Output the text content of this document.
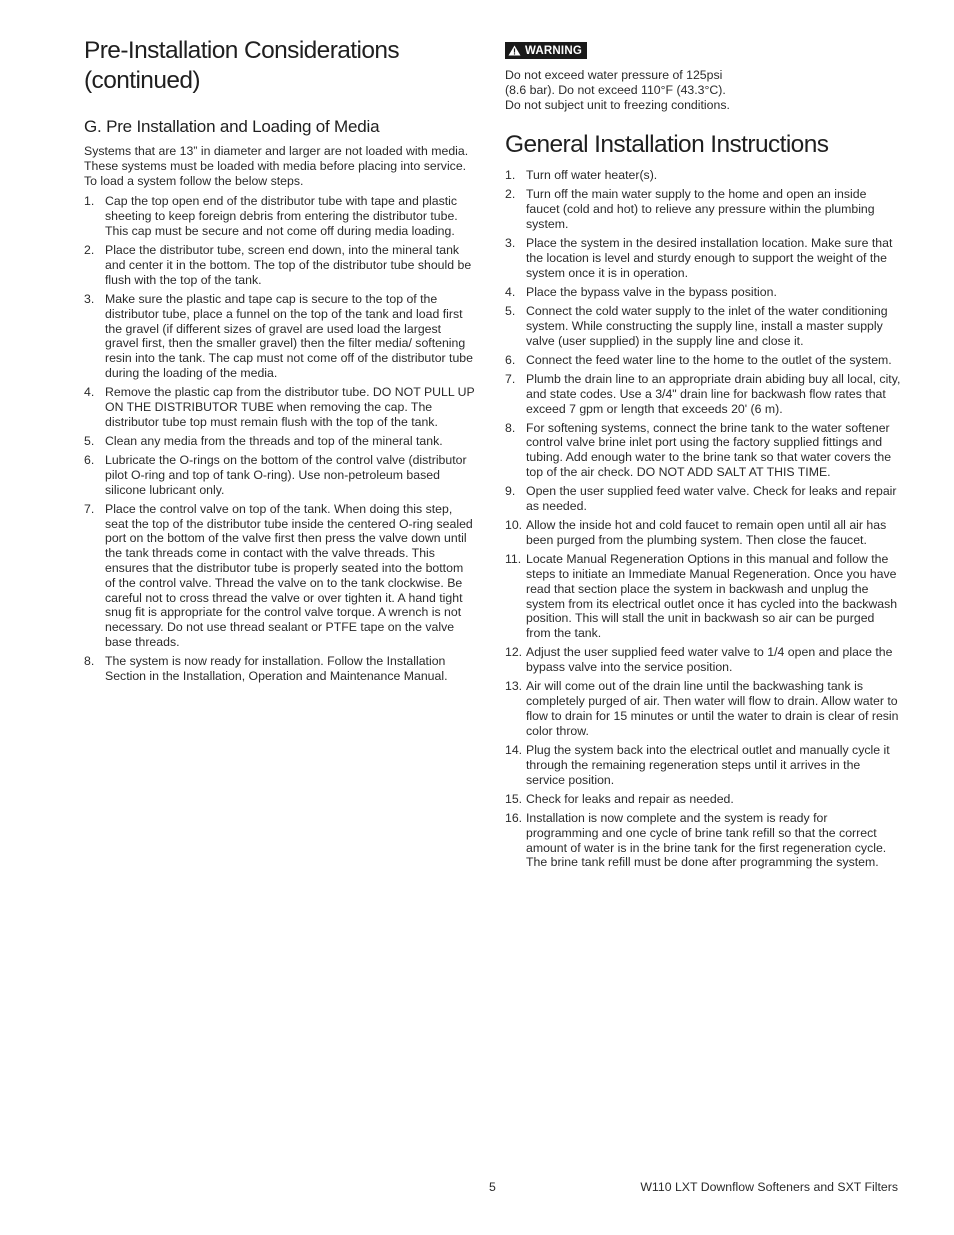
Pre-Installation Considerations
(continued)
G. Pre Installation and Loading of Media

Systems that are 13” in diameter and larger are not loaded with media. These systems must be loaded with media before placing into service. To load a system follow the below steps.

1. Cap the top open end of the distributor tube with tape and plastic sheeting to keep foreign debris from entering the distributor tube. This cap must be secure and not come off during media loading.
2. Place the distributor tube, screen end down, into the mineral tank and center it in the bottom. The top of the distributor tube should be flush with the top of the tank.
3. Make sure the plastic and tape cap is secure to the top of the distributor tube, place a funnel on the top of the tank and load first the gravel (if different sizes of gravel are used load the largest gravel first, then the smaller gravel) then the filter media/ softening resin into the tank. The cap must not come off of the distributor tube during the loading of the media.
4. Remove the plastic cap from the distributor tube. DO NOT PULL UP ON THE DISTRIBUTOR TUBE when removing the cap. The distributor tube top must remain flush with the top of the tank.
5. Clean any media from the threads and top of the mineral tank.
6. Lubricate the O-rings on the bottom of the control valve (distributor pilot O-ring and top of tank O-ring). Use non-petroleum based silicone lubricant only.
7. Place the control valve on top of the tank. When doing this step, seat the top of the distributor tube inside the centered O-ring sealed port on the bottom of the valve first then press the valve down until the tank threads come in contact with the valve threads. This ensures that the distributor tube is properly seated into the bottom of the control valve. Thread the valve on to the tank clockwise. Be careful not to cross thread the valve or over tighten it. A hand tight snug fit is appropriate for the control valve torque. A wrench is not necessary. Do not use thread sealant or PTFE tape on the valve base threads.
8. The system is now ready for installation. Follow the Installation Section in the Installation, Operation and Maintenance Manual.
WARNING

Do not exceed water pressure of 125psi

(8.6 bar). Do not exceed 110°F (43.3°C).

Do not subject unit to freezing conditions.

General Installation Instructions
1. Turn off water heater(s).
2. Turn off the main water supply to the home and open an inside faucet (cold and hot) to relieve any pressure within the plumbing system.
3. Place the system in the desired installation location. Make sure that the location is level and sturdy enough to support the weight of the system once it is in operation.
4. Place the bypass valve in the bypass position.
5. Connect the cold water supply to the inlet of the water conditioning system. While constructing the supply line, install a master supply valve (user supplied) in the supply line and close it.
6. Connect the feed water line to the home to the outlet of the system.
7. Plumb the drain line to an appropriate drain abiding buy all local, city, and state codes. Use a 3/4" drain line for backwash flow rates that exceed 7 gpm or length that exceeds 20' (6 m).
8. For softening systems, connect the brine tank to the water softener control valve brine inlet port using the factory supplied fittings and tubing. Add enough water to the brine tank so that water covers the top of the air check. DO NOT ADD SALT AT THIS TIME.
9. Open the user supplied feed water valve. Check for leaks and repair as needed.
10. Allow the inside hot and cold faucet to remain open until all air has been purged from the plumbing system. Then close the faucet.
11. Locate Manual Regeneration Options in this manual and follow the steps to initiate an Immediate Manual Regeneration. Once you have read that section place the system in backwash and unplug the system from its electrical outlet once it has cycled into the backwash position. This will stall the unit in backwash so air can be purged from the tank.
12. Adjust the user supplied feed water valve to 1/4 open and place the bypass valve into the service position.
13. Air will come out of the drain line until the backwashing tank is completely purged of air. Then water will flow to drain. Allow water to flow to drain for 15 minutes or until the water to drain is clear of resin color throw.
14. Plug the system back into the electrical outlet and manually cycle it through the remaining regeneration steps until it arrives in the service position.
15. Check for leaks and repair as needed.
16. Installation is now complete and the system is ready for programming and one cycle of brine tank refill so that the correct amount of water is in the brine tank for the first regeneration cycle. The brine tank refill must be done after programming the system.
5	W110 LXT Downflow Softeners and SXT Filters
